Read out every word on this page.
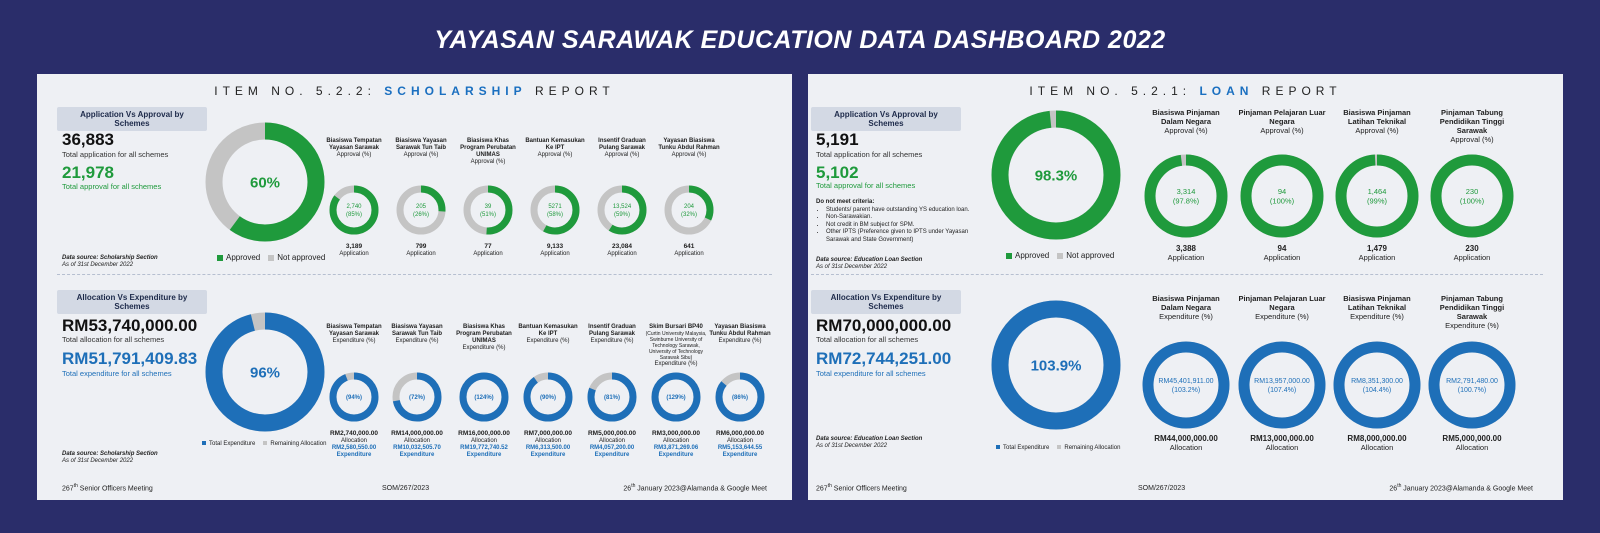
YAYASAN SARAWAK EDUCATION DATA DASHBOARD 2022
ITEM NO. 5.2.2: SCHOLARSHIP REPORT
Application Vs Approval by Schemes
36,883
Total application for all schemes
21,978
Total approval for all schemes
Data source: Scholarship Section
As of 31st December 2022
60%
Approved	Not approved
Biasiswa Tempatan Yayasan Sarawak
Approval (%)
2,740
(85%)
3,189
Application
Biasiswa Yayasan Sarawak Tun Taib
Approval (%)
205
(26%)
799
Application
Biasiswa Khas Program Perubatan UNIMAS
Approval (%)
39
(51%)
77
Application
Bantuan Kemasukan Ke IPT
Approval (%)
5271
(58%)
9,133
Application
Insentif Graduan Pulang Sarawak
Approval (%)
13,524
(59%)
23,084
Application
Yayasan Biasiswa Tunku Abdul Rahman
Approval (%)
204
(32%)
641
Application
Allocation Vs Expenditure by Schemes
RM53,740,000.00
Total allocation for all schemes
RM51,791,409.83
Total expenditure for all schemes
Data source: Scholarship Section
As of 31st December 2022
96%
Total Expenditure	Remaining Allocation
Biasiswa Tempatan Yayasan Sarawak
Expenditure (%)
(94%)
RM2,740,000.00
Allocation
RM2,580,550.00
Expenditure
Biasiswa Yayasan Sarawak Tun Taib
Expenditure (%)
(72%)
RM14,000,000.00
Allocation
RM10,032,505.70
Expenditure
Biasiswa Khas Program Perubatan UNIMAS
Expenditure (%)
(124%)
RM16,000,000.00
Allocation
RM19,772,740.52
Expenditure
Bantuan Kemasukan Ke IPT
Expenditure (%)
(90%)
RM7,000,000.00
Allocation
RM6,313,500.00
Expenditure
Insentif Graduan Pulang Sarawak
Expenditure (%)
(81%)
RM5,000,000.00
Allocation
RM4,057,200.00
Expenditure
Skim Bursari BP40
(Curtin University Malaysia, Swinburne University of Technology Sarawak, University of Technology Sarawak Sibu)
Expenditure (%)
(129%)
RM3,000,000.00
Allocation
RM3,871,269.06
Expenditure
Yayasan Biasiswa Tunku Abdul Rahman
Expenditure (%)
(86%)
RM6,000,000.00
Allocation
RM5,153,644.55
Expenditure
267th Senior Officers Meeting	SOM/267/2023	26th January 2023@Alamanda & Google Meet
ITEM NO. 5.2.1: LOAN REPORT
Application Vs Approval by Schemes
5,191
Total application for all schemes
5,102
Total approval for all schemes
Do not meet criteria:
• Students/ parent have outstanding YS education loan.
• Non-Sarawakian.
• Not credit in BM subject for SPM.
• Other IPTS (Preference given to IPTS under Yayasan Sarawak and State Government)
Data source: Education Loan Section
As of 31st December 2022
98.3%
Approved	Not approved
Biasiswa Pinjaman Dalam Negara
Approval (%)
3,314
(97.8%)
3,388
Application
Pinjaman Pelajaran Luar Negara
Approval (%)
94
(100%)
94
Application
Biasiswa Pinjaman Latihan Teknikal
Approval (%)
1,464
(99%)
1,479
Application
Pinjaman Tabung Pendidikan Tinggi Sarawak
Approval (%)
230
(100%)
230
Application
Allocation Vs Expenditure by Schemes
RM70,000,000.00
Total allocation for all schemes
RM72,744,251.00
Total expenditure for all schemes
Data source: Education Loan Section
As of 31st December 2022
103.9%
Total Expenditure	Remaining Allocation
Biasiswa Pinjaman Dalam Negara
Expenditure (%)
RM45,401,911.00
(103.2%)
RM44,000,000.00
Allocation
Pinjaman Pelajaran Luar Negara
Expenditure (%)
RM13,957,000.00
(107.4%)
RM13,000,000.00
Allocation
Biasiswa Pinjaman Latihan Teknikal
Expenditure (%)
RM8,351,300.00
(104.4%)
RM8,000,000.00
Allocation
Pinjaman Tabung Pendidikan Tinggi Sarawak
Expenditure (%)
RM2,791,480.00
(100.7%)
RM5,000,000.00
Allocation
267th Senior Officers Meeting	SOM/267/2023	26th January 2023@Alamanda & Google Meet
